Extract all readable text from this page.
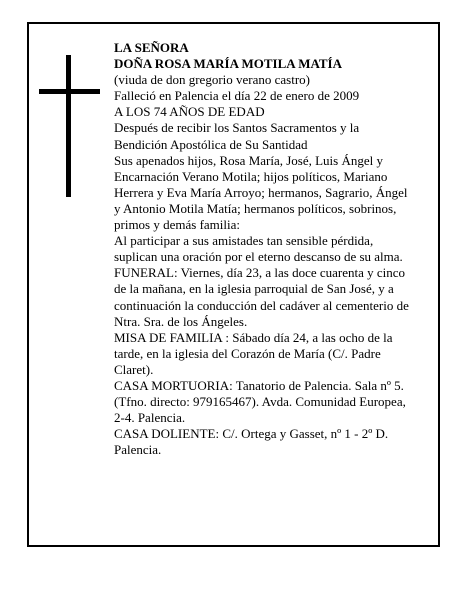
LA SEÑORA

DOÑA ROSA MARÍA MOTILA MATÍA

(viuda de don gregorio verano castro)

Falleció en Palencia el día 22 de enero de 2009

A LOS 74 AÑOS DE EDAD

Después de recibir los Santos Sacramentos y la Bendición Apostólica de Su Santidad

Sus apenados hijos, Rosa María, José, Luis Ángel y Encarnación Verano Motila; hijos políticos, Mariano Herrera y Eva María Arroyo; hermanos, Sagrario, Ángel y Antonio Motila Matía; hermanos políticos, sobrinos, primos y demás familia:

Al participar a sus amistades tan sensible pérdida, suplican una oración por el eterno descanso de su alma.

FUNERAL: Viernes, día 23, a las doce cuarenta y cinco de la mañana, en la iglesia parroquial de San José, y a continuación la conducción del cadáver al cementerio de Ntra. Sra. de los Ángeles.

MISA DE FAMILIA : Sábado día 24, a las ocho de la tarde, en la iglesia del Corazón de María (C/. Padre Claret).

CASA MORTUORIA: Tanatorio de Palencia. Sala nº 5.

(Tfno. directo: 979165467). Avda. Comunidad Europea, 2-4. Palencia.

CASA DOLIENTE: C/. Ortega y Gasset, nº 1 - 2º D. Palencia.
